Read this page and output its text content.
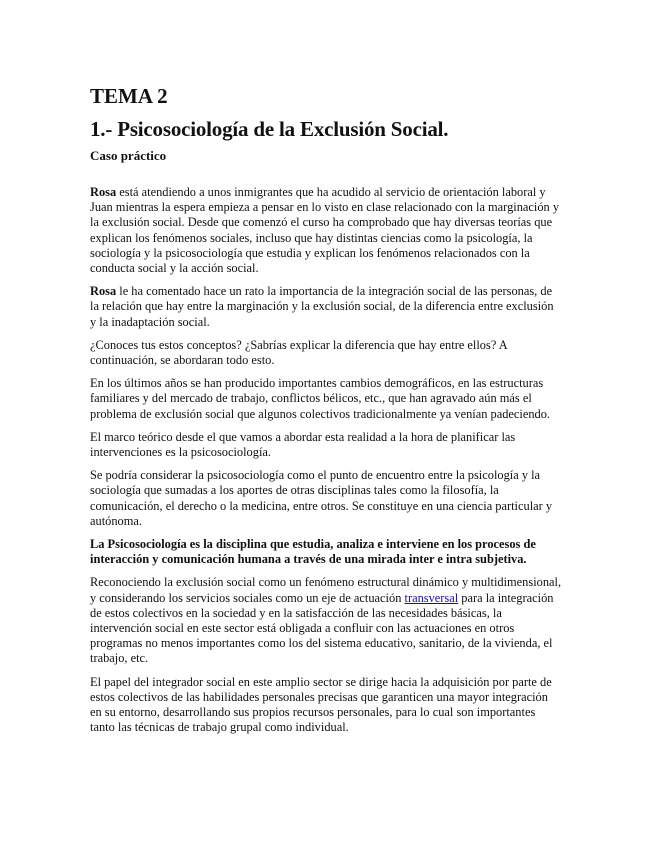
TEMA 2
1.- Psicosociología de la Exclusión Social.
Caso práctico

Rosa está atendiendo a unos inmigrantes que ha acudido al servicio de orientación laboral y Juan mientras la espera empieza a pensar en lo visto en clase relacionado con la marginación y la exclusión social. Desde que comenzó el curso ha comprobado que hay diversas teorías que explican los fenómenos sociales, incluso que hay distintas ciencias como la psicología, la sociología y la psicosociología que estudia y explican los fenómenos relacionados con la conducta social y la acción social.

Rosa le ha comentado hace un rato la importancia de la integración social de las personas, de la relación que hay entre la marginación y la exclusión social, de la diferencia entre exclusión y la inadaptación social.

¿Conoces tus estos conceptos? ¿Sabrías explicar la diferencia que hay entre ellos? A continuación, se abordaran todo esto.

En los últimos años se han producido importantes cambios demográficos, en las estructuras familiares y del mercado de trabajo, conflictos bélicos, etc., que han agravado aún más el problema de exclusión social que algunos colectivos tradicionalmente ya venían padeciendo.

El marco teórico desde el que vamos a abordar esta realidad a la hora de planificar las intervenciones es la psicosociología.

Se podría considerar la psicosociología como el punto de encuentro entre la psicología y la sociología que sumadas a los aportes de otras disciplinas tales como la filosofía, la comunicación, el derecho o la medicina, entre otros. Se constituye en una ciencia particular y autónoma.

La Psicosociología es la disciplina que estudia, analiza e interviene en los procesos de interacción y comunicación humana a través de una mirada inter e intra subjetiva.

Reconociendo la exclusión social como un fenómeno estructural dinámico y multidimensional, y considerando los servicios sociales como un eje de actuación transversal para la integración de estos colectivos en la sociedad y en la satisfacción de las necesidades básicas, la intervención social en este sector está obligada a confluir con las actuaciones en otros programas no menos importantes como los del sistema educativo, sanitario, de la vivienda, el trabajo, etc.

El papel del integrador social en este amplio sector se dirige hacia la adquisición por parte de estos colectivos de las habilidades personales precisas que garanticen una mayor integración en su entorno, desarrollando sus propios recursos personales, para lo cual son importantes tanto las técnicas de trabajo grupal como individual.
